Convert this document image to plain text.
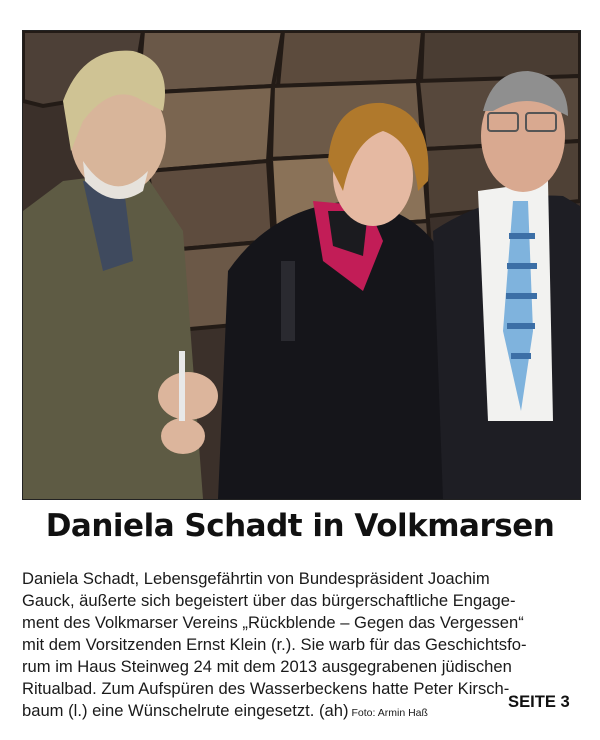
Daniela Schadt in Volkmarsen

Daniela Schadt, Lebensgefährtin von Bundespräsident Joachim
Gauck, äußerte sich begeistert über das bürgerschaftliche Engage-
ment des Volkmarser Vereins „Rückblende – Gegen das Vergessen“
mit dem Vorsitzenden Ernst Klein (r.). Sie warb für das Geschichtsfo-
rum im Haus Steinweg 24 mit dem 2013 ausgegrabenen jüdischen
Ritualbad. Zum Aufspüren des Wasserbeckens hatte Peter Kirsch-
baum (l.) eine Wünschelrute eingesetzt. (ah) Foto: Armin Haß

SEITE 3
